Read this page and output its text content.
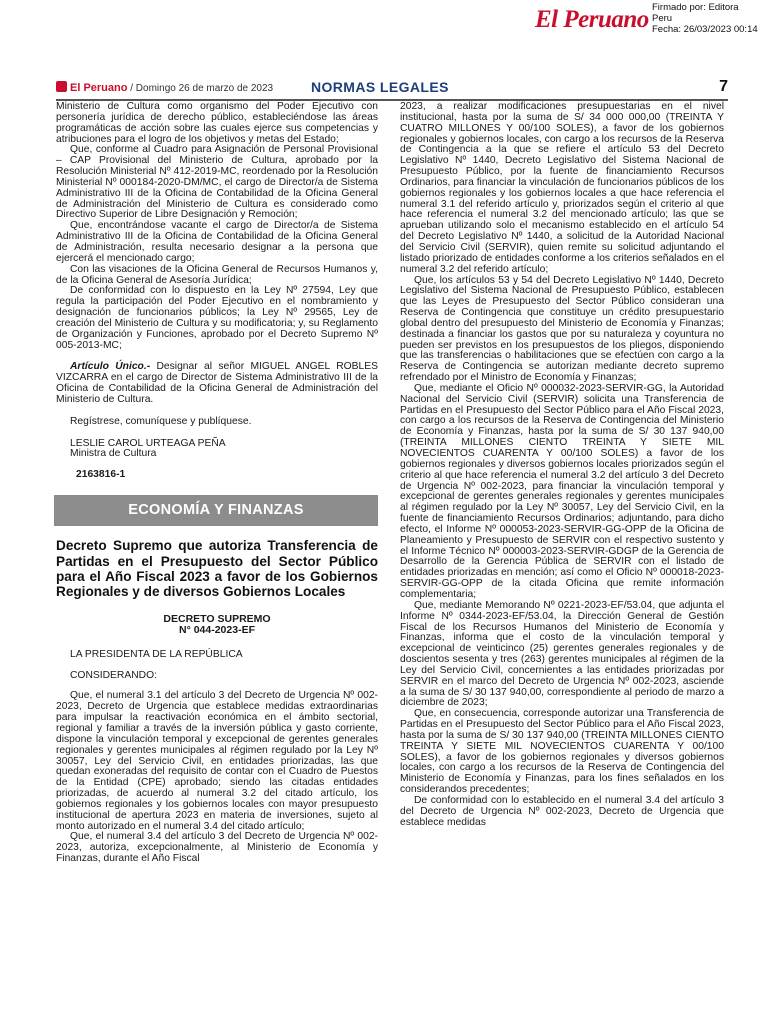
El Peruano Firmado por: Editora
Peru
Fecha: 26/03/2023 00:14
El Peruano / Domingo 26 de marzo de 2023	NORMAS LEGALES	7

Ministerio de Cultura como organismo del Poder Ejecutivo con personería jurídica de derecho público, estableciéndose las áreas programáticas de acción sobre las cuales ejerce sus competencias y atribuciones para el logro de los objetivos y metas del Estado;

Que, conforme al Cuadro para Asignación de Personal Provisional – CAP Provisional del Ministerio de Cultura, aprobado por la Resolución Ministerial Nº 412-2019-MC, reordenado por la Resolución Ministerial Nº 000184-2020-DM/MC, el cargo de Director/a de Sistema Administrativo III de la Oficina de Contabilidad de la Oficina General de Administración del Ministerio de Cultura es considerado como Directivo Superior de Libre Designación y Remoción;

Que, encontrándose vacante el cargo de Director/a de Sistema Administrativo III de la Oficina de Contabilidad de la Oficina General de Administración, resulta necesario designar a la persona que ejercerá el mencionado cargo;

Con las visaciones de la Oficina General de Recursos Humanos y, de la Oficina General de Asesoría Jurídica;

De conformidad con lo dispuesto en la Ley Nº 27594, Ley que regula la participación del Poder Ejecutivo en el nombramiento y designación de funcionarios públicos; la Ley Nº 29565, Ley de creación del Ministerio de Cultura y su modificatoria; y, su Reglamento de Organización y Funciones, aprobado por el Decreto Supremo Nº 005-2013-MC;

Artículo Único.- Designar al señor MIGUEL ANGEL ROBLES VIZCARRA en el cargo de Director de Sistema Administrativo III de la Oficina de Contabilidad de la Oficina General de Administración del Ministerio de Cultura.

Regístrese, comuníquese y publíquese.

LESLIE CAROL URTEAGA PEÑA

Ministra de Cultura

2163816-1

ECONOMÍA Y FINANZAS
Decreto Supremo que autoriza Transferencia de Partidas en el Presupuesto del Sector Público para el Año Fiscal 2023 a favor de los Gobiernos Regionales y de diversos Gobiernos Locales
DECRETO SUPREMO
N° 044-2023-EF

LA PRESIDENTA DE LA REPÚBLICA

CONSIDERANDO:

Que, el numeral 3.1 del artículo 3 del Decreto de Urgencia Nº 002-2023, Decreto de Urgencia que establece medidas extraordinarias para impulsar la reactivación económica en el ámbito sectorial, regional y familiar a través de la inversión pública y gasto corriente, dispone la vinculación temporal y excepcional de gerentes generales regionales y gerentes municipales al régimen regulado por la Ley Nº 30057, Ley del Servicio Civil, en entidades priorizadas, las que quedan exoneradas del requisito de contar con el Cuadro de Puestos de la Entidad (CPE) aprobado; siendo las citadas entidades priorizadas, de acuerdo al numeral 3.2 del citado artículo, los gobiernos regionales y los gobiernos locales con mayor presupuesto institucional de apertura 2023 en materia de inversiones, sujeto al monto autorizado en el numeral 3.4 del citado artículo;

Que, el numeral 3.4 del artículo 3 del Decreto de Urgencia Nº 002-2023, autoriza, excepcionalmente, al Ministerio de Economía y Finanzas, durante el Año Fiscal

2023, a realizar modificaciones presupuestarias en el nivel institucional, hasta por la suma de S/ 34 000 000,00 (TREINTA Y CUATRO MILLONES Y 00/100 SOLES), a favor de los gobiernos regionales y gobiernos locales, con cargo a los recursos de la Reserva de Contingencia a la que se refiere el artículo 53 del Decreto Legislativo Nº 1440, Decreto Legislativo del Sistema Nacional de Presupuesto Público, por la fuente de financiamiento Recursos Ordinarios, para financiar la vinculación de funcionarios públicos de los gobiernos regionales y los gobiernos locales a que hace referencia el numeral 3.1 del referido artículo y, priorizados según el criterio al que hace referencia el numeral 3.2 del mencionado artículo; las que se aprueban utilizando solo el mecanismo establecido en el artículo 54 del Decreto Legislativo Nº 1440, a solicitud de la Autoridad Nacional del Servicio Civil (SERVIR), quien remite su solicitud adjuntando el listado priorizado de entidades conforme a los criterios señalados en el numeral 3.2 del referido artículo;

Que, los artículos 53 y 54 del Decreto Legislativo Nº 1440, Decreto Legislativo del Sistema Nacional de Presupuesto Público, establecen que las Leyes de Presupuesto del Sector Público consideran una Reserva de Contingencia que constituye un crédito presupuestario global dentro del presupuesto del Ministerio de Economía y Finanzas; destinada a financiar los gastos que por su naturaleza y coyuntura no pueden ser previstos en los presupuestos de los pliegos, disponiendo que las transferencias o habilitaciones que se efectúen con cargo a la Reserva de Contingencia se autorizan mediante decreto supremo refrendado por el Ministro de Economía y Finanzas;

Que, mediante el Oficio Nº 000032-2023-SERVIR-GG, la Autoridad Nacional del Servicio Civil (SERVIR) solicita una Transferencia de Partidas en el Presupuesto del Sector Público para el Año Fiscal 2023, con cargo a los recursos de la Reserva de Contingencia del Ministerio de Economía y Finanzas, hasta por la suma de S/ 30 137 940,00 (TREINTA MILLONES CIENTO TREINTA Y SIETE MIL NOVECIENTOS CUARENTA Y 00/100 SOLES) a favor de los gobiernos regionales y diversos gobiernos locales priorizados según el criterio al que hace referencia el numeral 3.2 del artículo 3 del Decreto de Urgencia Nº 002-2023, para financiar la vinculación temporal y excepcional de gerentes generales regionales y gerentes municipales al régimen regulado por la Ley Nº 30057, Ley del Servicio Civil, en la fuente de financiamiento Recursos Ordinarios; adjuntando, para dicho efecto, el Informe Nº 000053-2023-SERVIR-GG-OPP de la Oficina de Planeamiento y Presupuesto de SERVIR con el respectivo sustento y el Informe Técnico Nº 000003-2023-SERVIR-GDGP de la Gerencia de Desarrollo de la Gerencia Pública de SERVIR con el listado de entidades priorizadas en mención; así como el Oficio Nº 000018-2023-SERVIR-GG-OPP de la citada Oficina que remite información complementaria;

Que, mediante Memorando Nº 0221-2023-EF/53.04, que adjunta el Informe Nº 0344-2023-EF/53.04, la Dirección General de Gestión Fiscal de los Recursos Humanos del Ministerio de Economía y Finanzas, informa que el costo de la vinculación temporal y excepcional de veinticinco (25) gerentes generales regionales y de doscientos sesenta y tres (263) gerentes municipales al régimen de la Ley del Servicio Civil, concernientes a las entidades priorizadas por SERVIR en el marco del Decreto de Urgencia Nº 002-2023, asciende a la suma de S/ 30 137 940,00, correspondiente al periodo de marzo a diciembre de 2023;

Que, en consecuencia, corresponde autorizar una Transferencia de Partidas en el Presupuesto del Sector Público para el Año Fiscal 2023, hasta por la suma de S/ 30 137 940,00 (TREINTA MILLONES CIENTO TREINTA Y SIETE MIL NOVECIENTOS CUARENTA Y 00/100 SOLES), a favor de los gobiernos regionales y diversos gobiernos locales, con cargo a los recursos de la Reserva de Contingencia del Ministerio de Economía y Finanzas, para los fines señalados en los considerandos precedentes;

De conformidad con lo establecido en el numeral 3.4 del artículo 3 del Decreto de Urgencia Nº 002-2023, Decreto de Urgencia que establece medidas
